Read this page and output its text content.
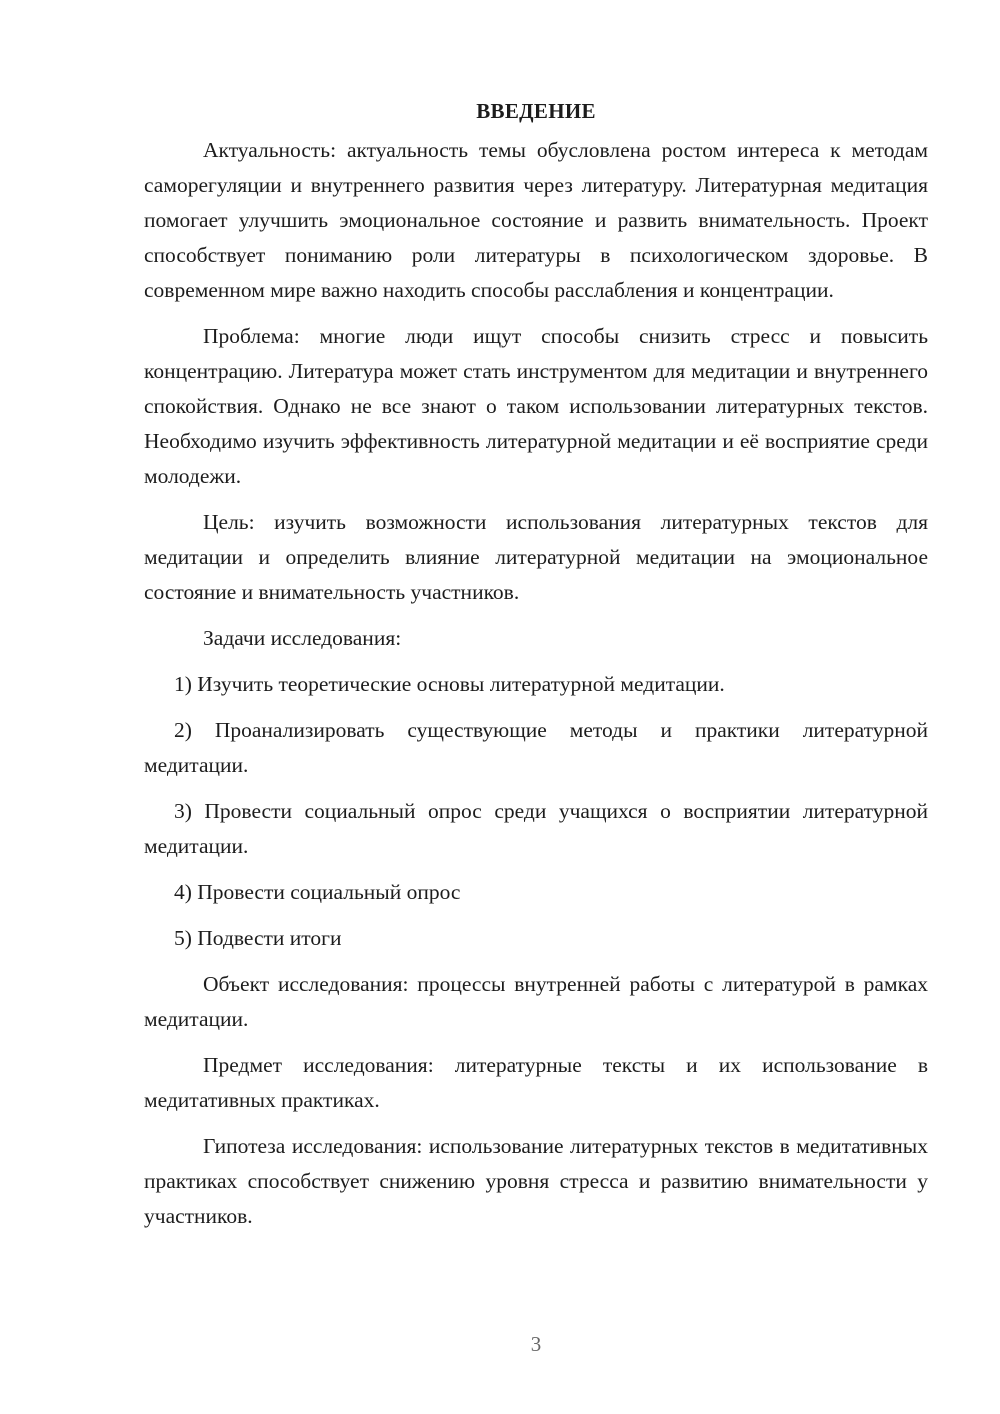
ВВЕДЕНИЕ

Актуальность: актуальность темы обусловлена ростом интереса к методам саморегуляции и внутреннего развития через литературу. Литературная медитация помогает улучшить эмоциональное состояние и развить внимательность. Проект способствует пониманию роли литературы в психологическом здоровье. В современном мире важно находить способы расслабления и концентрации.

Проблема: многие люди ищут способы снизить стресс и повысить концентрацию. Литература может стать инструментом для медитации и внутреннего спокойствия. Однако не все знают о таком использовании литературных текстов. Необходимо изучить эффективность литературной медитации и её восприятие среди молодежи.

Цель: изучить возможности использования литературных текстов для медитации и определить влияние литературной медитации на эмоциональное состояние и внимательность участников.

Задачи исследования:

1) Изучить теоретические основы литературной медитации.

2) Проанализировать существующие методы и практики литературной медитации.

3) Провести социальный опрос среди учащихся о восприятии литературной медитации.

4) Провести социальный опрос

5) Подвести итоги

Объект исследования: процессы внутренней работы с литературой в рамках медитации.

Предмет исследования: литературные тексты и их использование в медитативных практиках.

Гипотеза исследования: использование литературных текстов в медитативных практиках способствует снижению уровня стресса и развитию внимательности у участников.

3
